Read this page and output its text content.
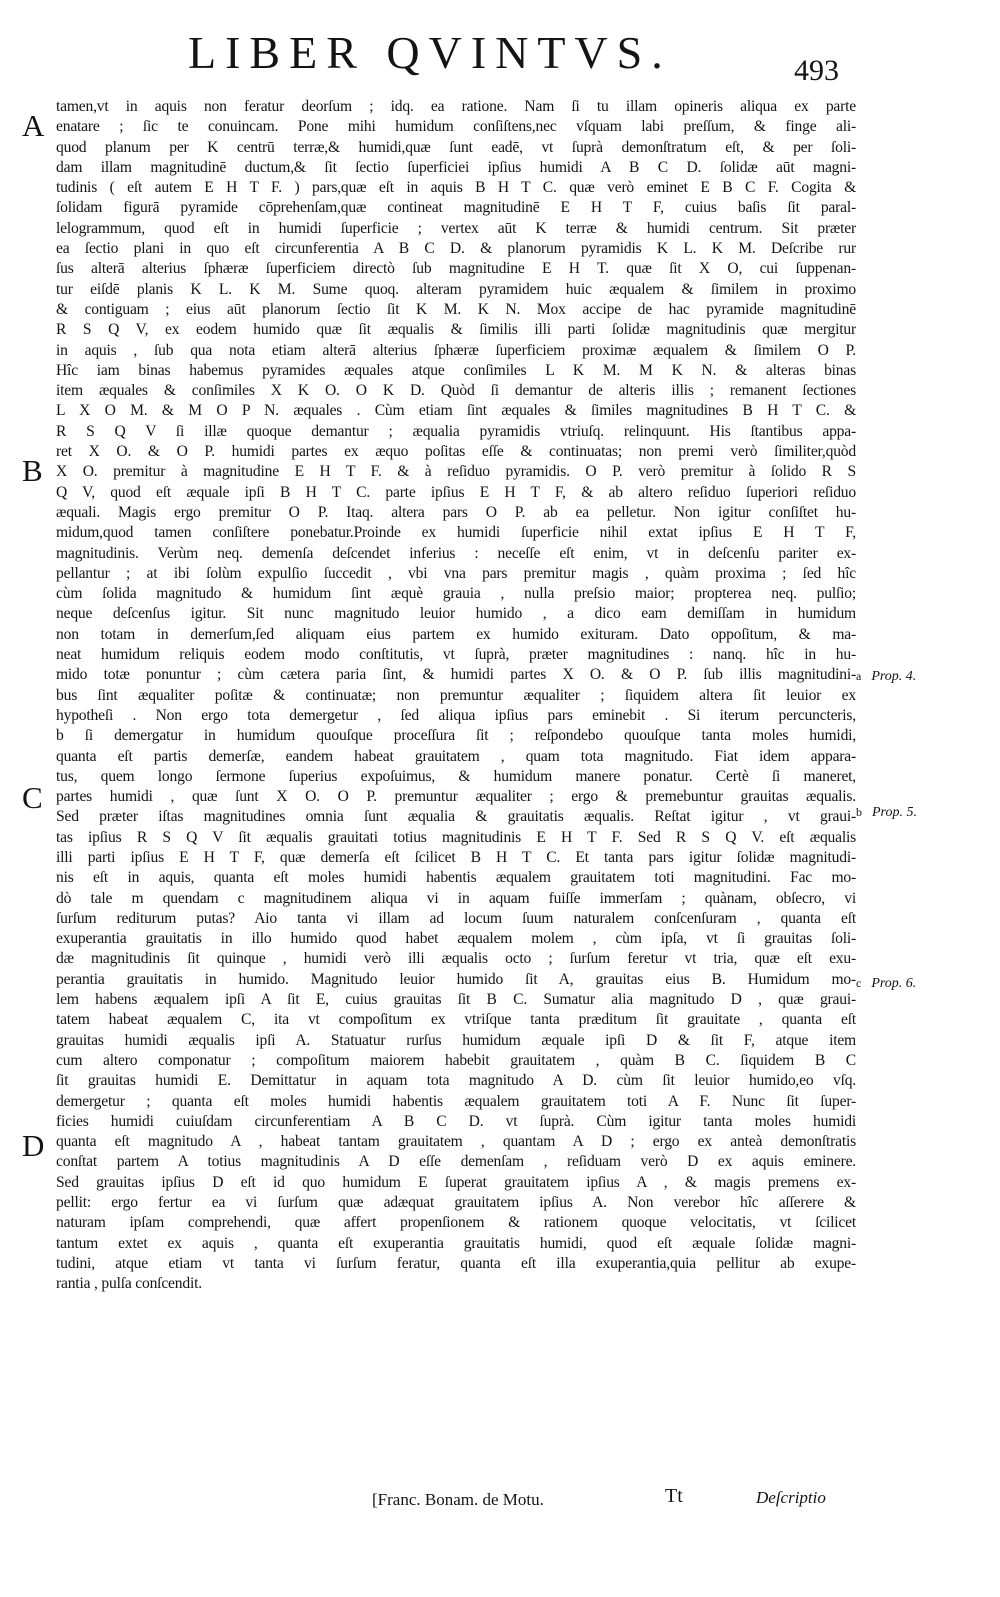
LIBER QVINTVS.	493
A
B
C
D
a Prop. 4.
b Prop. 5.
c Prop. 6.
tamen,vt in aquis non feratur deorſum ; idq. ea ratione. Nam ſi tu illam opineris aliqua ex parte
enatare ; ſic te conuincam. Pone mihi humidum conſiſtens,nec vſquam labi preſſum, & finge ali-
quod planum per K centrū terræ,& humidi,quæ ſunt eadē, vt ſuprà demonſtratum eſt, & per ſoli-
dam illam magnitudinē ductum,& ſit ſectio ſuperficiei ipſius humidi A B C D. ſolidæ aūt magni-
tudinis ( eſt autem E H T F. ) pars,quæ eſt in aquis B H T C. quæ verò eminet E B C F. Cogita &
ſolidam figurā pyramide cōprehenſam,quæ contineat magnitudinē E H T F, cuius baſis ſit paral-
lelogrammum, quod eſt in humidi ſuperficie ; vertex aūt K terræ & humidi centrum. Sit præter
ea ſectio plani in quo eſt circunferentia A B C D. & planorum pyramidis K L. K M. Deſcribe rur
ſus alterā alterius ſphæræ ſuperficiem directò ſub magnitudine E H T. quæ ſit X O, cui ſuppenan-
tur eiſdē planis K L. K M. Sume quoq. alteram pyramidem huic æqualem & ſimilem in proximo
& contiguam ; eius aūt planorum ſectio ſit K M. K N. Mox accipe de hac pyramide magnitudinē
R S Q V, ex eodem humido quæ ſit æqualis & ſimilis illi parti ſolidæ magnitudinis quæ mergitur
in aquis , ſub qua nota etiam alterā alterius ſphæræ ſuperficiem proximæ æqualem & ſimilem O P.
Hîc iam binas habemus pyramides æquales atque conſimiles L K M. M K N. & alteras binas
item æquales & conſimiles X K O. O K D. Quòd ſi demantur de alteris illis ; remanent ſectiones
L X O M. & M O P N. æquales . Cùm etiam ſint æquales & ſimiles magnitudines B H T C. &
R S Q V ſi illæ quoque demantur ; æqualia pyramidis vtriuſq. relinquunt. His ſtantibus appa-
ret X O. & O P. humidi partes ex æquo poſitas eſſe & continuatas; non premi verò ſimiliter,quòd
X O. premitur à magnitudine E H T F. & à reſiduo pyramidis. O P. verò premitur à ſolido R S
Q V, quod eſt æquale ipſi B H T C. parte ipſius E H T F, & ab altero reſiduo ſuperiori reſiduo
æquali. Magis ergo premitur O P. Itaq. altera pars O P. ab ea pelletur. Non igitur conſiſtet hu-
midum,quod tamen conſiſtere ponebatur.Proinde ex humidi ſuperficie nihil extat ipſius E H T F,
magnitudinis. Verùm neq. demenſa deſcendet inferius : neceſſe eſt enim, vt in deſcenſu pariter ex-
pellantur ; at ibi ſolùm expulſio ſuccedit , vbi vna pars premitur magis , quàm proxima ; ſed hîc
cùm ſolida magnitudo & humidum ſint æquè grauia , nulla preſsio maior; propterea neq. pulſio;
neque deſcenſus igitur. Sit nunc magnitudo leuior humido , a dico eam demiſſam in humidum
non totam in demerſum,ſed aliquam eius partem ex humido exituram. Dato oppoſitum, & ma-
neat humidum reliquis eodem modo conſtitutis, vt ſuprà, præter magnitudines : nanq. hîc in hu-
mido totæ ponuntur ; cùm cætera paria ſint, & humidi partes X O. & O P. ſub illis magnitudini-
bus ſint æqualiter poſitæ & continuatæ; non premuntur æqualiter ; ſiquidem altera ſit leuior ex
hypotheſi . Non ergo tota demergetur , ſed aliqua ipſius pars eminebit . Si iterum percuncteris,
b ſi demergatur in humidum quouſque proceſſura ſit ; reſpondebo quouſque tanta moles humidi,
quanta eſt partis demerſæ, eandem habeat grauitatem , quam tota magnitudo. Fiat idem appara-
tus, quem longo ſermone ſuperius expoſuimus, & humidum manere ponatur. Certè ſi maneret,
partes humidi , quæ ſunt X O. O P. premuntur æqualiter ; ergo & premebuntur grauitas æqualis.
Sed præter iſtas magnitudines omnia ſunt æqualia & grauitatis æqualis. Reſtat igitur , vt graui-
tas ipſius R S Q V ſit æqualis grauitati totius magnitudinis E H T F. Sed R S Q V. eſt æqualis
illi parti ipſius E H T F, quæ demerſa eſt ſcilicet B H T C. Et tanta pars igitur ſolidæ magnitudi-
nis eſt in aquis, quanta eſt moles humidi habentis æqualem grauitatem toti magnitudini. Fac mo-
dò tale m quendam c magnitudinem aliqua vi in aquam fuiſſe immerſam ; quànam, obſecro, vi
ſurſum rediturum putas? Aio tanta vi illam ad locum ſuum naturalem conſcenſuram , quanta eſt
exuperantia grauitatis in illo humido quod habet æqualem molem , cùm ipſa, vt ſi grauitas ſoli-
dæ magnitudinis ſit quinque , humidi verò illi æqualis octo ; ſurſum feretur vt tria, quæ eſt exu-
perantia grauitatis in humido. Magnitudo leuior humido ſit A, grauitas eius B. Humidum mo-
lem habens æqualem ipſi A ſit E, cuius grauitas ſit B C. Sumatur alia magnitudo D , quæ graui-
tatem habeat æqualem C, ita vt compoſitum ex vtriſque tanta præditum ſit grauitate , quanta eſt
grauitas humidi æqualis ipſi A. Statuatur rurſus humidum æquale ipſi D & ſit F, atque item
cum altero componatur ; compoſitum maiorem habebit grauitatem , quàm B C. ſiquidem B C
ſit grauitas humidi E. Demittatur in aquam tota magnitudo A D. cùm ſit leuior humido,eo vſq.
demergetur ; quanta eſt moles humidi habentis æqualem grauitatem toti A F. Nunc ſit ſuper-
ficies humidi cuiuſdam circunferentiam A B C D. vt ſuprà. Cùm igitur tanta moles humidi
quanta eſt magnitudo A , habeat tantam grauitatem , quantam A D ; ergo ex anteà demonſtratis
conſtat partem A totius magnitudinis A D eſſe demenſam , reſiduam verò D ex aquis eminere.
Sed grauitas ipſius D eſt id quo humidum E ſuperat grauitatem ipſius A , & magis premens ex-
pellit: ergo fertur ea vi ſurſum quæ adæquat grauitatem ipſius A. Non verebor hîc aſſerere &
naturam ipſam comprehendi, quæ affert propenſionem & rationem quoque velocitatis, vt ſcilicet
tantum extet ex aquis , quanta eſt exuperantia grauitatis humidi, quod eſt æquale ſolidæ magni-
tudini, atque etiam vt tanta vi ſurſum feratur, quanta eſt illa exuperantia,quia pellitur ab exupe-
rantia , pulſa conſcendit.
[Franc. Bonam. de Motu.	Tt	Deſcriptio
